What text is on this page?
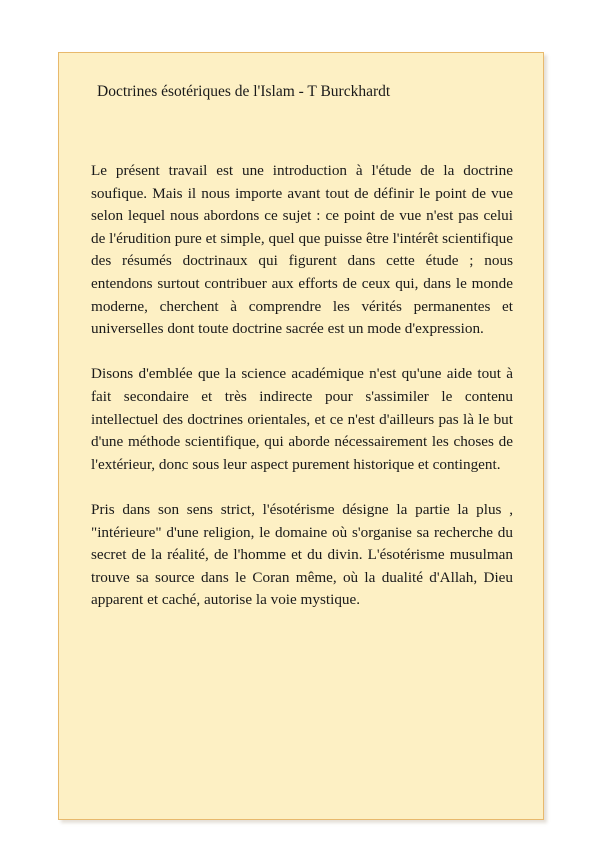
Doctrines ésotériques de l'Islam - T Burckhardt

Le présent travail est une introduction à l'étude de la doctrine soufique. Mais il nous importe avant tout de définir le point de vue selon lequel nous abordons ce sujet : ce point de vue n'est pas celui de l'érudition pure et simple, quel que puisse être l'intérêt scientifique des résumés doctrinaux qui figurent dans cette étude ; nous entendons surtout contribuer aux efforts de ceux qui, dans le monde moderne, cherchent à comprendre les vérités permanentes et universelles dont toute doctrine sacrée est un mode d'expression.

Disons d'emblée que la science académique n'est qu'une aide tout à fait secondaire et très indirecte pour s'assimiler le contenu intellectuel des doctrines orientales, et ce n'est d'ailleurs pas là le but d'une méthode scientifique, qui aborde nécessairement les choses de l'extérieur, donc sous leur aspect purement historique et contingent.

Pris dans son sens strict, l'ésotérisme désigne la partie la plus , "intérieure" d'une religion, le domaine où s'organise sa recherche du secret de la réalité, de l'homme et du divin. L'ésotérisme musulman trouve sa source dans le Coran même, où la dualité d'Allah, Dieu apparent et caché, autorise la voie mystique.
